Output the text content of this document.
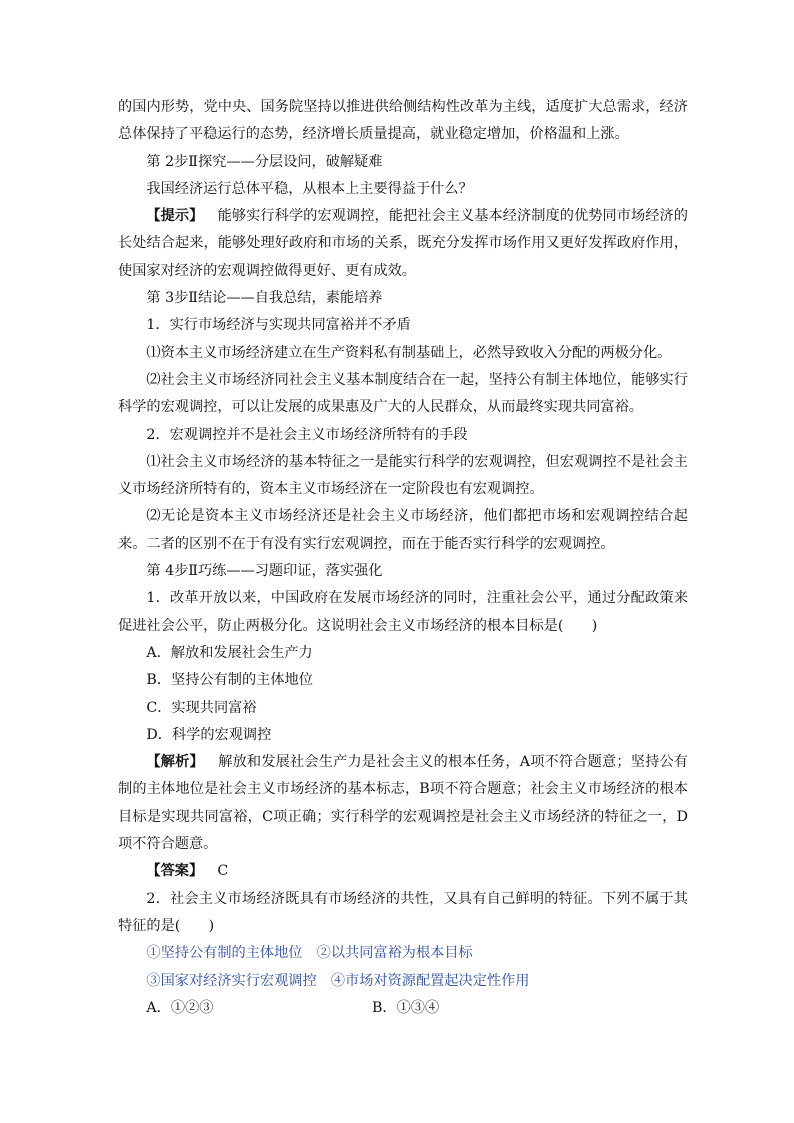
的国内形势，党中央、国务院坚持以推进供给侧结构性改革为主线，适度扩大总需求，经济总体保持了平稳运行的态势，经济增长质量提高，就业稳定增加，价格温和上涨。

第 2步Ⅱ探究——分层设问，破解疑难

我国经济运行总体平稳，从根本上主要得益于什么？

【提示】  能够实行科学的宏观调控，能把社会主义基本经济制度的优势同市场经济的长处结合起来，能够处理好政府和市场的关系，既充分发挥市场作用又更好发挥政府作用，使国家对经济的宏观调控做得更好、更有成效。

第 3步Ⅱ结论——自我总结，素能培养

1．实行市场经济与实现共同富裕并不矛盾

⑴资本主义市场经济建立在生产资料私有制基础上，必然导致收入分配的两极分化。

⑵社会主义市场经济同社会主义基本制度结合在一起，坚持公有制主体地位，能够实行科学的宏观调控，可以让发展的成果惠及广大的人民群众，从而最终实现共同富裕。

2．宏观调控并不是社会主义市场经济所特有的手段

⑴社会主义市场经济的基本特征之一是能实行科学的宏观调控，但宏观调控不是社会主义市场经济所特有的，资本主义市场经济在一定阶段也有宏观调控。

⑵无论是资本主义市场经济还是社会主义市场经济，他们都把市场和宏观调控结合起来。二者的区别不在于有没有实行宏观调控，而在于能否实行科学的宏观调控。

第 4步Ⅱ巧练——习题印证，落实强化

1．改革开放以来，中国政府在发展市场经济的同时，注重社会公平，通过分配政策来促进社会公平，防止两极分化。这说明社会主义市场经济的根本目标是(　　)

A．解放和发展社会生产力

B．坚持公有制的主体地位

C．实现共同富裕

D．科学的宏观调控

【解析】  解放和发展社会生产力是社会主义的根本任务，A项不符合题意；坚持公有制的主体地位是社会主义市场经济的基本标志，B项不符合题意；社会主义市场经济的根本目标是实现共同富裕，C项正确；实行科学的宏观调控是社会主义市场经济的特征之一，D项不符合题意。

【答案】  C

2．社会主义市场经济既具有市场经济的共性，又具有自己鲜明的特征。下列不属于其特征的是(　　)

①坚持公有制的主体地位　②以共同富裕为根本目标

③国家对经济实行宏观调控　④市场对资源配置起决定性作用

A．①②③	B．①③④
